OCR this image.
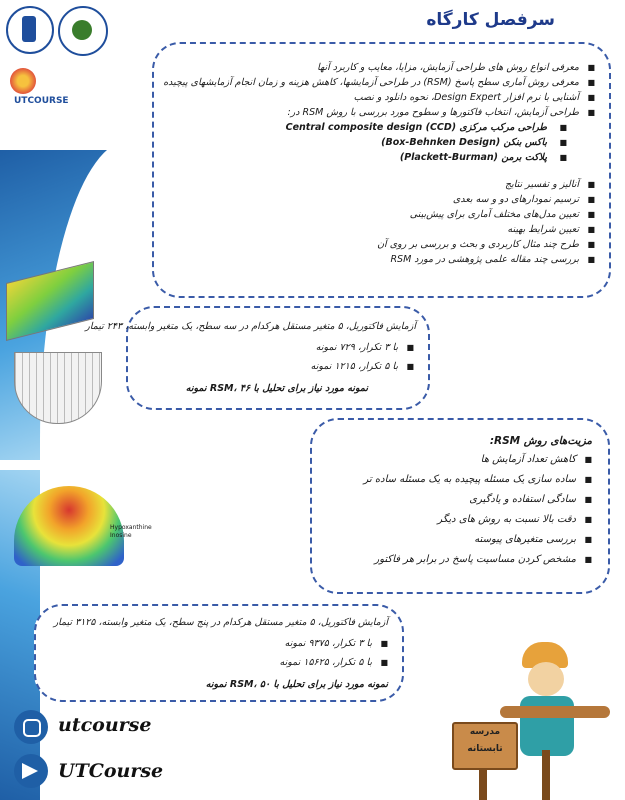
UTCOURSE
سرفصل کارگاه
■ معرفی انواع روش های طراحی آزمایش، مزایا، معایب و کاربرد آنها
■ معرفی روش آماری سطح پاسخ (RSM) در طراحی آزمایشها، کاهش هزینه و زمان انجام آزمایشهای پیچیده
■ آشنایی با نرم افزار Design Expert، نحوه دانلود و نصب
■ طراحی آزمایش، انتخاب فاکتورها و سطوح مورد بررسی با روش RSM در:
■ طراحی مرکب مرکزی Central composite design (CCD)
■ باکس بنکن (Box-Behnken Design)
■ پلاکت برمن (Plackett-Burman)
■ آنالیز و تفسیر نتایج
■ ترسیم نمودارهای دو و سه بعدی
■ تعیین مدل‌های مختلف آماری برای پیش‌بینی
■ تعیین شرایط بهینه
■ طرح چند مثال کاربردی و بحث و بررسی بر روی آن
■ بررسی چند مقاله علمی پژوهشی در مورد RSM
Hypoxanthine
Inosine
آزمایش فاکتوریل، ۵ متغیر مستقل هرکدام در سه سطح، یک متغیر وابسته، ۲۴۳ تیمار
■ با ۳ تکرار، ۷۲۹ نمونه
■ با ۵ تکرار، ۱۲۱۵ نمونه
نمونه مورد نیاز برای تحلیل با RSM، ۴۶ نمونه
مزیت‌های روش RSM:
■ کاهش تعداد آزمایش ها
■ ساده سازی یک مسئله پیچیده به یک مسئله ساده تر
■ سادگی استفاده و یادگیری
■ دقت بالا نسبت به روش های دیگر
■ بررسی متغیرهای پیوسته
■ مشخص کردن مساسیت پاسخ در برابر هر فاکتور
آزمایش فاکتوریل، ۵ متغیر مستقل هرکدام در پنج سطح، یک متغیر وابسته، ۳۱۲۵ تیمار
■ با ۳ تکرار، ۹۳۷۵ نمونه
■ با ۵ تکرار، ۱۵۶۲۵ نمونه
نمونه مورد نیاز برای تحلیل با RSM، ۵۰ نمونه
utcourse
UTCourse
مدرسه
تابستانه
